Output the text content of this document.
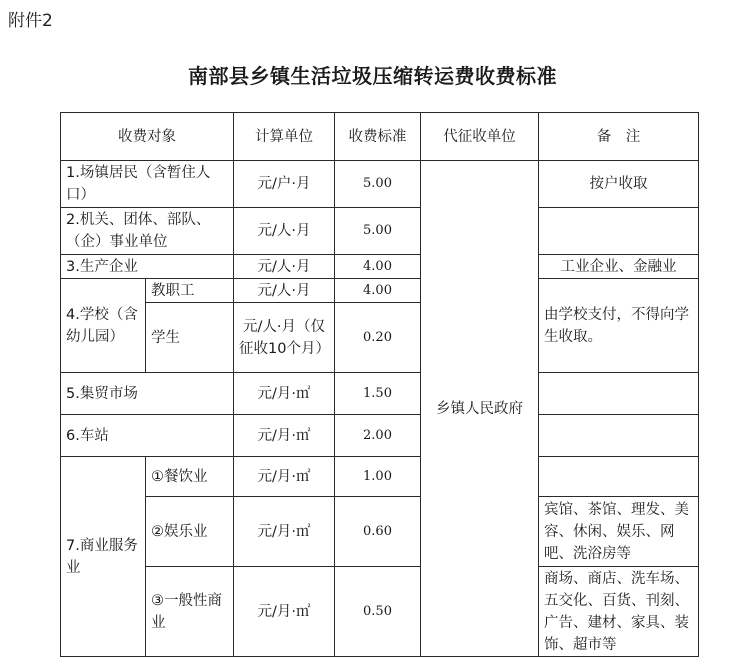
附件2
南部县乡镇生活垃圾压缩转运费收费标准
收费对象		计算单位	收费标准	代征收单位	备　注
1.场镇居民（含暂住人口）		元/户·月	5.00	乡镇人民政府	按户收取
2.机关、团体、部队、（企）事业单位		元/人·月	5.00		
3.生产企业		元/人·月	4.00		工业企业、金融业
4.学校（含幼儿园）	教职工	元/人·月	4.00		由学校支付，不得向学生收取。
	学生	元/人·月（仅征收10个月）	0.20		
5.集贸市场		元/月·㎡	1.50		
6.车站		元/月·㎡	2.00		
7.商业服务业	①餐饮业	元/月·㎡	1.00		
	②娱乐业	元/月·㎡	0.60		宾馆、茶馆、理发、美容、休闲、娱乐、网吧、洗浴房等
	③一般性商业	元/月·㎡	0.50		商场、商店、洗车场、五交化、百货、刊刻、广告、建材、家具、装饰、超市等
